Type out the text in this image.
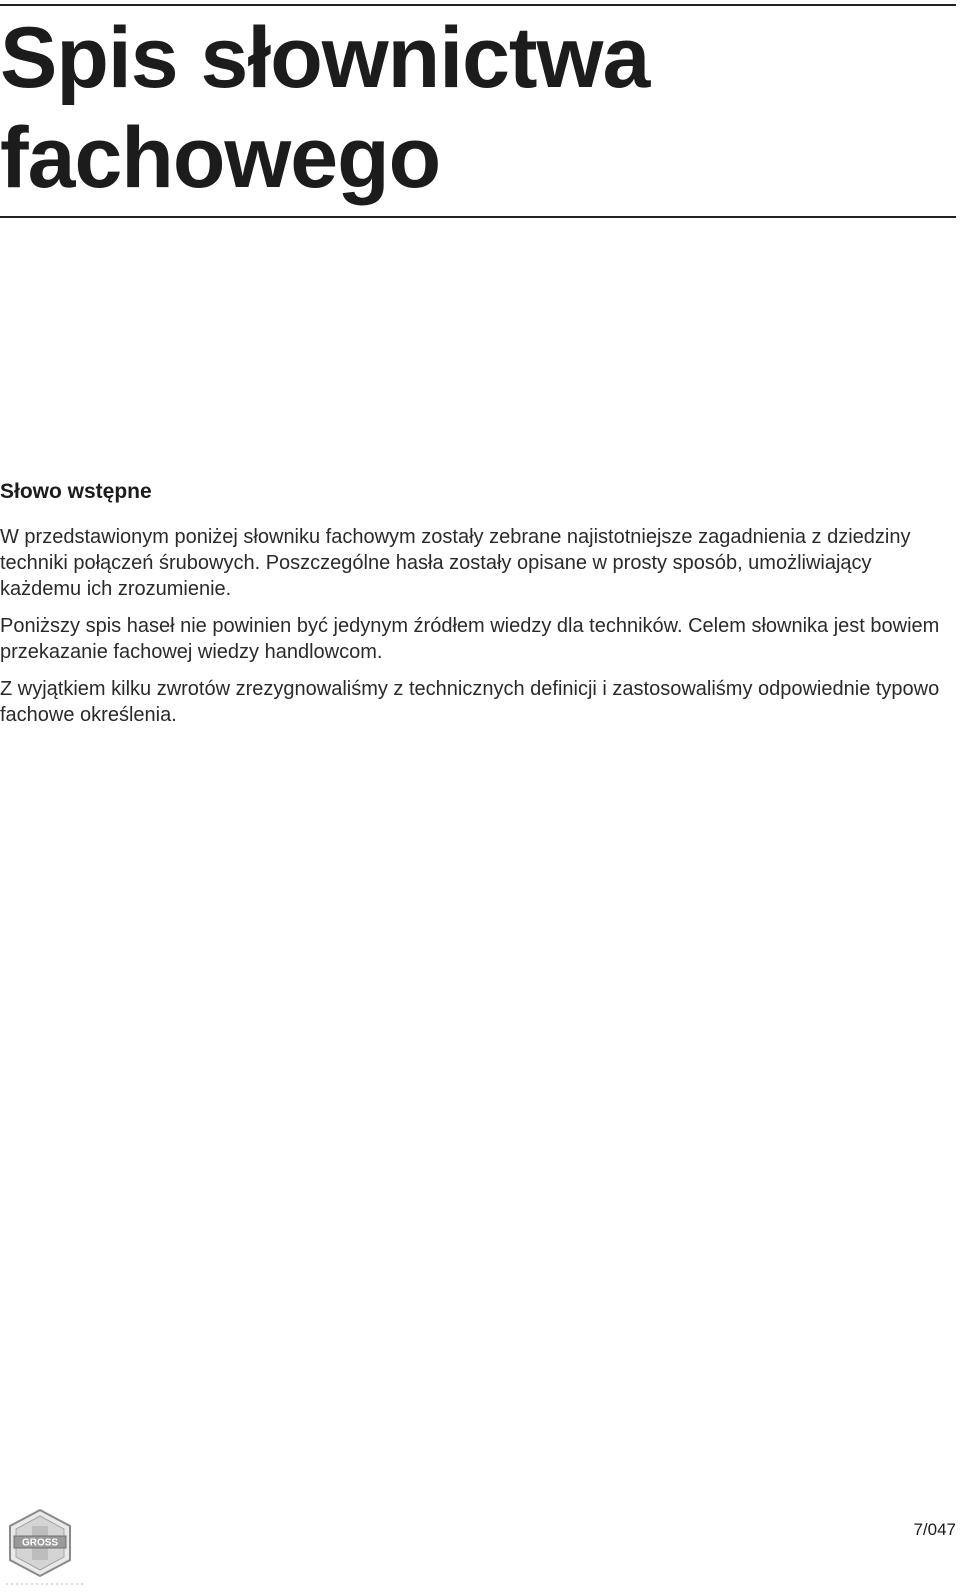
Spis słownictwa
fachowego
Słowo wstępne

W przedstawionym poniżej słowniku fachowym zostały zebrane najistotniejsze zagadnienia z dziedziny techniki połączeń śrubowych. Poszczególne hasła zostały opisane w prosty sposób, umożliwiający każdemu ich zrozumienie.

Poniższy spis haseł nie powinien być jedynym źródłem wiedzy dla techników. Celem słownika jest bowiem przekazanie fachowej wiedzy handlowcom.

Z wyjątkiem kilku zwrotów zrezygnowaliśmy z technicznych definicji i zastosowaliśmy odpowiednie typowo fachowe określenia.

GROSS
7/047
